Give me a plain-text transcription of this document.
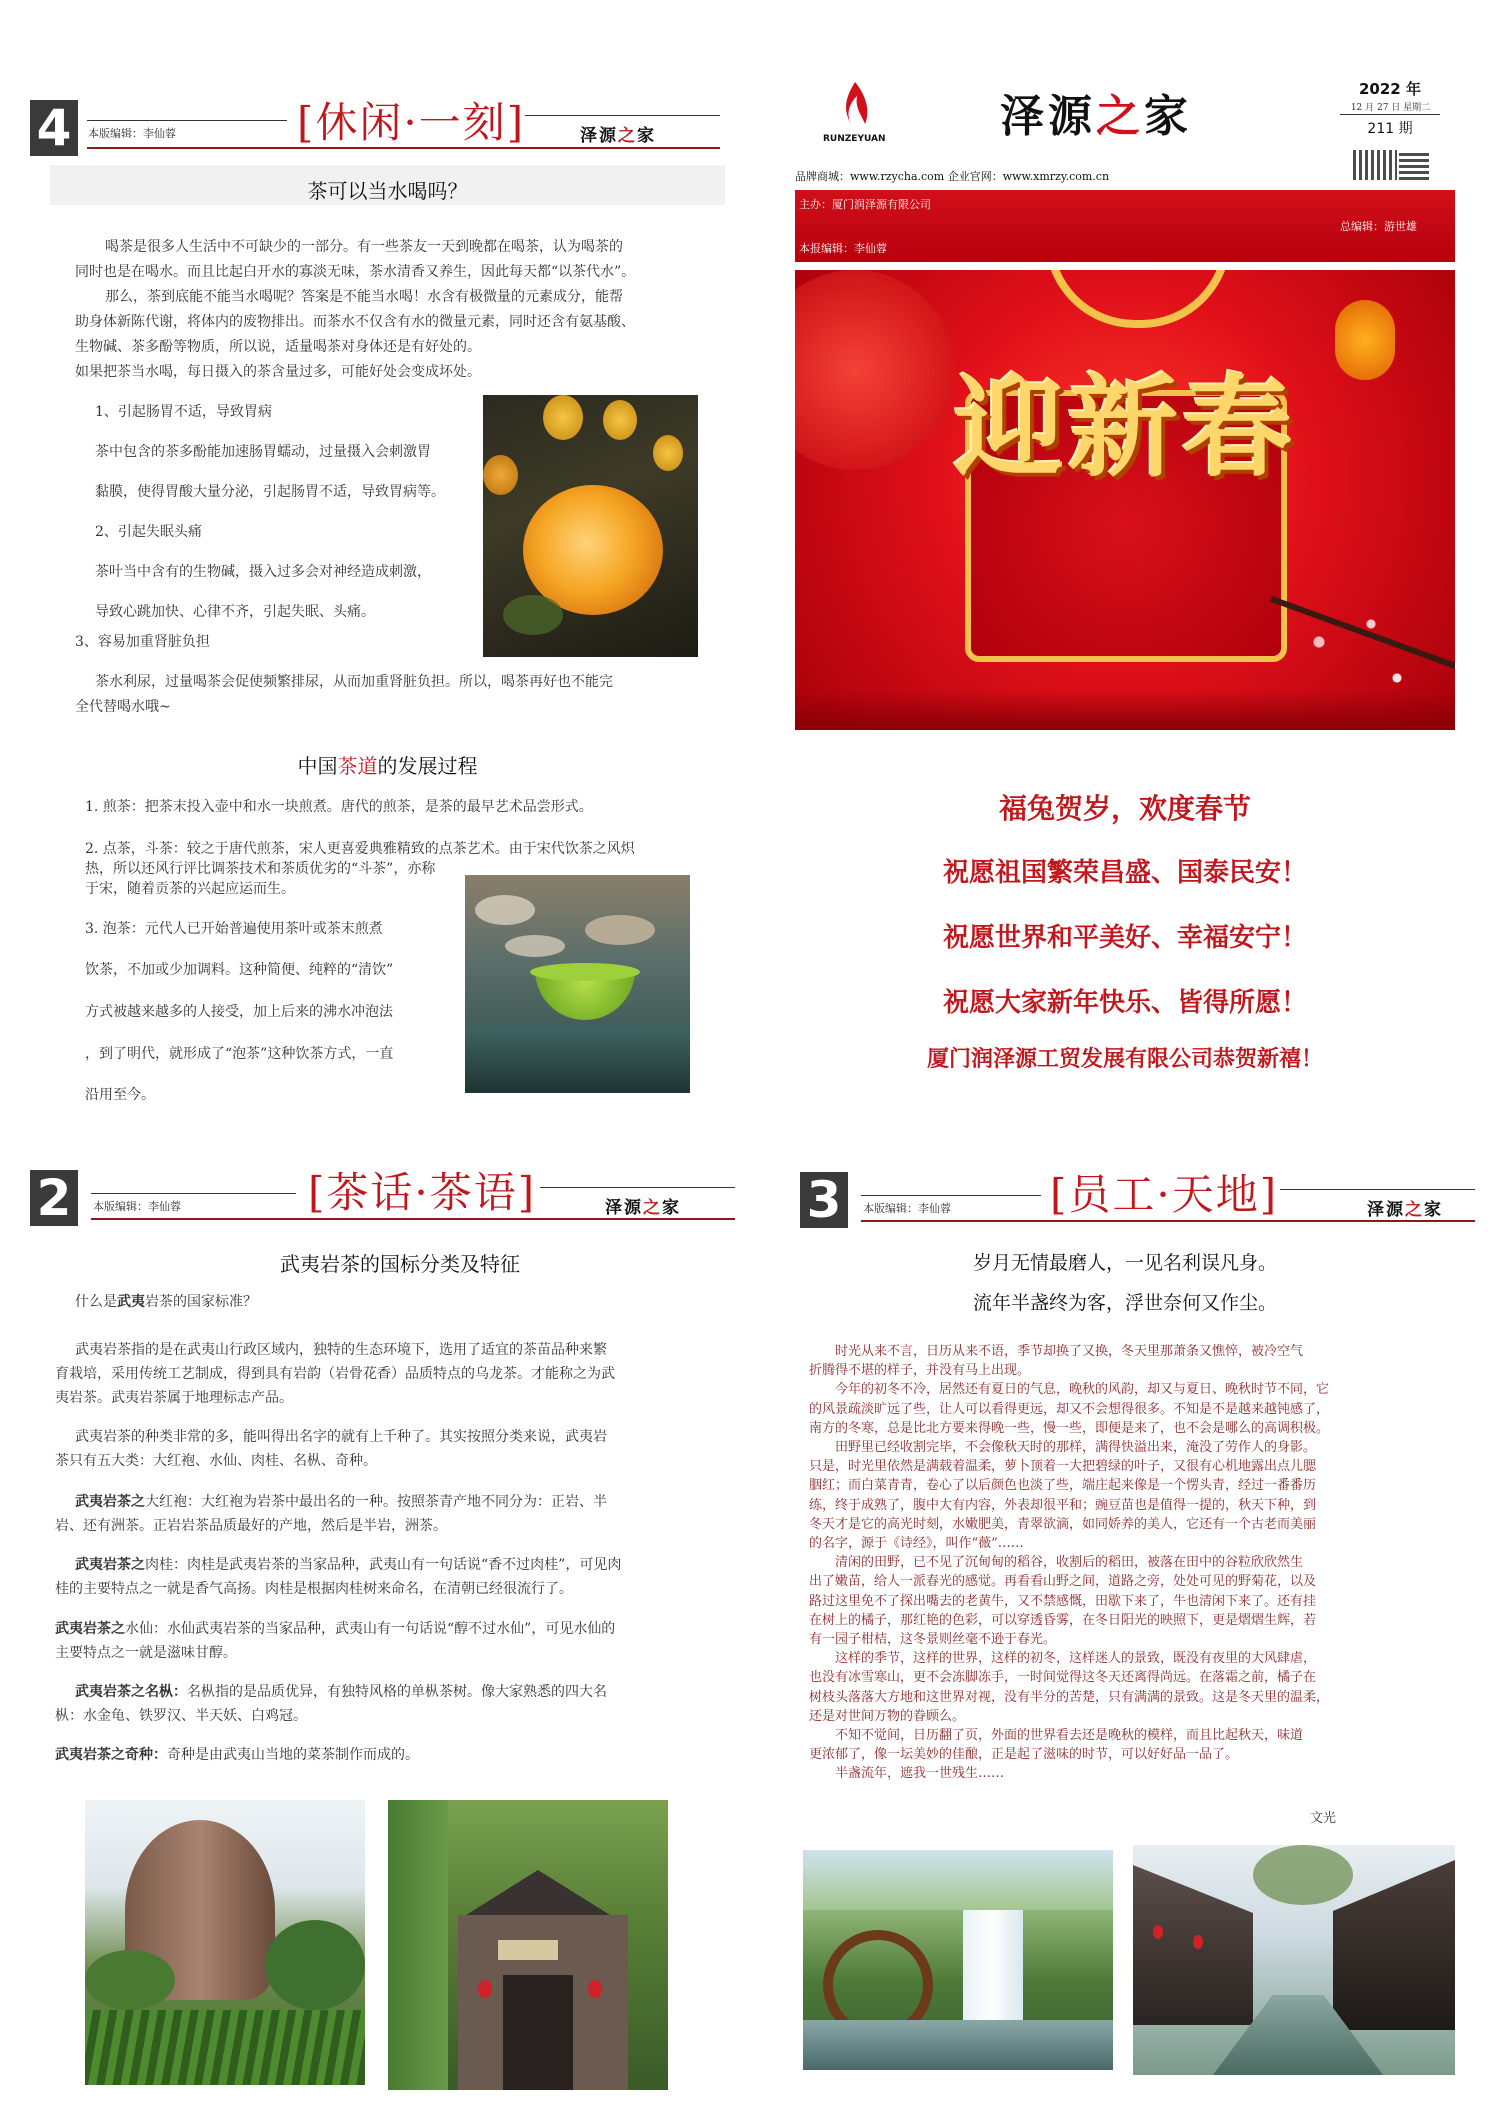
4	本版编辑：李仙蓉	[休闲·一刻]	泽源之家
茶可以当水喝吗？

喝茶是很多人生活中不可缺少的一部分。有一些茶友一天到晚都在喝茶，认为喝茶的

同时也是在喝水。而且比起白开水的寡淡无味，茶水清香又养生，因此每天都“以茶代水”。

那么，茶到底能不能当水喝呢？答案是不能当水喝！水含有极微量的元素成分，能帮

助身体新陈代谢，将体内的废物排出。而茶水不仅含有水的微量元素，同时还含有氨基酸、

生物碱、茶多酚等物质，所以说，适量喝茶对身体还是有好处的。

如果把茶当水喝，每日摄入的茶含量过多，可能好处会变成坏处。

1、引起肠胃不适，导致胃病

茶中包含的茶多酚能加速肠胃蠕动，过量摄入会刺激胃

黏膜，使得胃酸大量分泌，引起肠胃不适，导致胃病等。

2、引起失眠头痛

茶叶当中含有的生物碱，摄入过多会对神经造成刺激，

导致心跳加快、心律不齐，引起失眠、头痛。

3、容易加重肾脏负担

茶水利尿，过量喝茶会促使频繁排尿，从而加重肾脏负担。所以，喝茶再好也不能完

全代替喝水哦~

中国茶道的发展过程

1. 煎茶：把茶末投入壶中和水一块煎煮。唐代的煎茶，是茶的最早艺术品尝形式。

2. 点茶，斗茶：较之于唐代煎茶，宋人更喜爱典雅精致的点茶艺术。由于宋代饮茶之风炽

热，所以还风行评比调茶技术和茶质优劣的“斗茶”，亦称

于宋，随着贡茶的兴起应运而生。

3. 泡茶：元代人已开始普遍使用茶叶或茶末煎煮

饮茶，不加或少加调料。这种简便、纯粹的“清饮”

方式被越来越多的人接受，加上后来的沸水冲泡法

，到了明代，就形成了“泡茶”这种饮茶方式，一直

沿用至今。

RUNZEYUAN	泽源之家
2022 年
12 月 27 日 星期二
211 期
品牌商城：www.rzycha.com 企业官网：www.xmrzy.com.cn
主办：厦门润泽源有限公司
总编辑：游世雄
本报编辑：李仙蓉
迎新春
福兔贺岁，欢度春节
祝愿祖国繁荣昌盛、国泰民安！
祝愿世界和平美好、幸福安宁！
祝愿大家新年快乐、皆得所愿！
厦门润泽源工贸发展有限公司恭贺新禧！
2	本版编辑：李仙蓉	[茶话·茶语]	泽源之家
武夷岩茶的国标分类及特征

什么是武夷岩茶的国家标准？

武夷岩茶指的是在武夷山行政区域内，独特的生态环境下，选用了适宜的茶苗品种来繁

育栽培，采用传统工艺制成，得到具有岩韵（岩骨花香）品质特点的乌龙茶。才能称之为武

夷岩茶。武夷岩茶属于地理标志产品。

武夷岩茶的种类非常的多，能叫得出名字的就有上千种了。其实按照分类来说，武夷岩

茶只有五大类：大红袍、水仙、肉桂、名枞、奇种。

武夷岩茶之大红袍：大红袍为岩茶中最出名的一种。按照茶青产地不同分为：正岩、半

岩、还有洲茶。正岩岩茶品质最好的产地，然后是半岩，洲茶。

武夷岩茶之肉桂：肉桂是武夷岩茶的当家品种，武夷山有一句话说“香不过肉桂”，可见肉

桂的主要特点之一就是香气高扬。肉桂是根据肉桂树来命名，在清朝已经很流行了。

武夷岩茶之水仙：水仙武夷岩茶的当家品种，武夷山有一句话说“醇不过水仙”，可见水仙的

主要特点之一就是滋味甘醇。

武夷岩茶之名枞：名枞指的是品质优异，有独特风格的单枞茶树。像大家熟悉的四大名

枞：水金龟、铁罗汉、半天妖、白鸡冠。

武夷岩茶之奇种：奇种是由武夷山当地的菜茶制作而成的。

3	本版编辑：李仙蓉 [员工·天地]	泽源之家
岁月无情最磨人，一见名利误凡身。
流年半盏终为客，浮世奈何又作尘。

时光从来不言，日历从来不语，季节却换了又换，冬天里那萧条又憔悴，被冷空气

折腾得不堪的样子，并没有马上出现。

今年的初冬不冷，居然还有夏日的气息，晚秋的风韵，却又与夏日、晚秋时节不同，它

的风景疏淡旷远了些，让人可以看得更远，却又不会想得很多。不知是不是越来越钝感了，

南方的冬寒，总是比北方要来得晚一些，慢一些，即便是来了，也不会是哪么的高调积极。

田野里已经收割完毕，不会像秋天时的那样，满得快溢出来，淹没了劳作人的身影。

只是，时光里依然是满载着温柔，萝卜顶着一大把碧绿的叶子，又很有心机地露出点儿腮

胭红；而白菜青青，卷心了以后颜色也淡了些，端庄起来像是一个愣头青，经过一番番历

练，终于成熟了，腹中大有内容，外表却很平和；豌豆苗也是值得一提的，秋天下种，到

冬天才是它的高光时刻，水嫩肥美，青翠欲滴，如同娇养的美人，它还有一个古老而美丽

的名字，源于《诗经》，叫作“薇”……

清闲的田野，已不见了沉甸甸的稻谷，收割后的稻田，被落在田中的谷粒欣欣然生

出了嫩苗，给人一派春光的感觉。再看看山野之间，道路之旁，处处可见的野菊花，以及

路过这里免不了探出嘴去的老黄牛，又不禁感慨，田歇下来了，牛也清闲下来了。还有挂

在树上的橘子，那红艳的色彩，可以穿透昏雾，在冬日阳光的映照下，更是熠熠生辉，若

有一园子柑桔，这冬景则丝毫不逊于春光。

这样的季节，这样的世界，这样的初冬，这样迷人的景致，既没有夜里的大风肆虐，

也没有冰雪寒山，更不会冻脚冻手，一时间觉得这冬天还离得尚远。在落霜之前，橘子在

树枝头落落大方地和这世界对视，没有半分的苦楚，只有满满的景致。这是冬天里的温柔，

还是对世间万物的眷顾么。

不知不觉间，日历翻了页，外面的世界看去还是晚秋的模样，而且比起秋天，味道

更浓郁了，像一坛美妙的佳酿，正是起了滋味的时节，可以好好品一品了。

半盏流年，遮我一世残生……

文光
